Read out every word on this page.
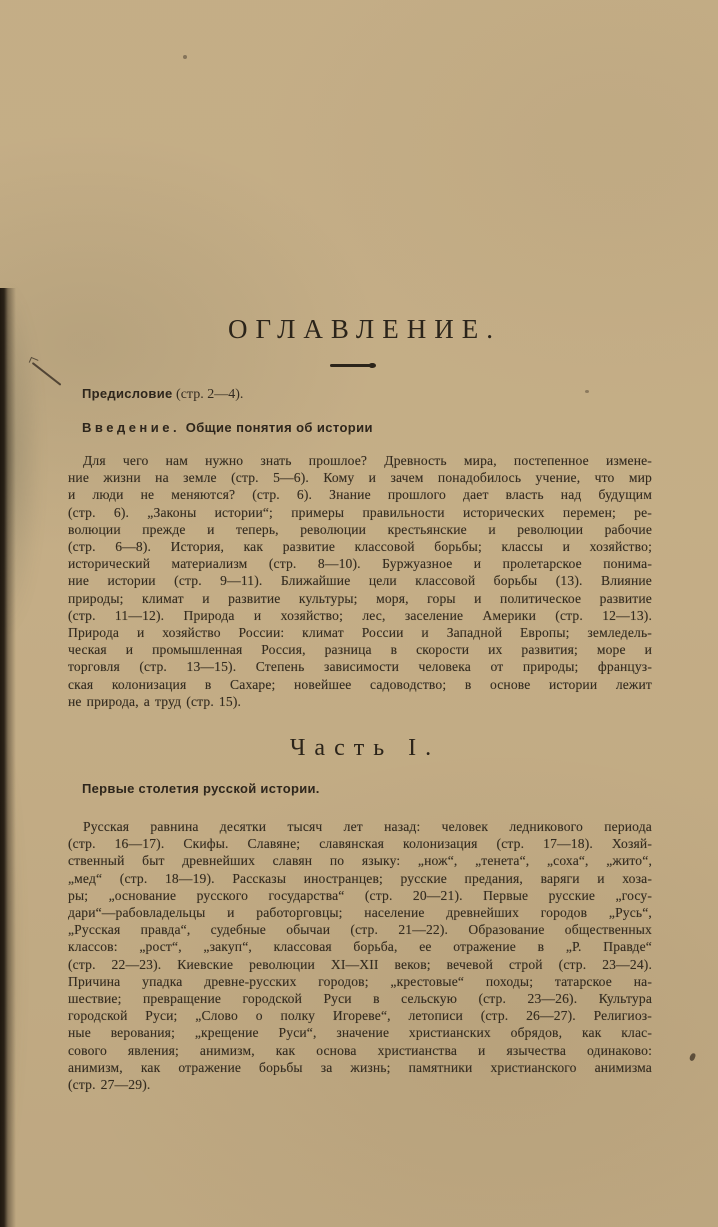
ОГЛАВЛЕНИЕ.

Предисловие (стр. 2—4).

Введение. Общие понятия об истории

Для чего нам нужно знать прошлое? Древность мира, постепенное измене-
ние жизни на земле (стр. 5—6). Кому и зачем понадобилось учение, что мир
и люди не меняются? (стр. 6). Знание прошлого дает власть над будущим
(стр. 6). „Законы истории“; примеры правильности исторических перемен; ре-
волюции прежде и теперь, революции крестьянские и революции рабочие
(стр. 6—8). История, как развитие классовой борьбы; классы и хозяйство;
исторический материализм (стр. 8—10). Буржуазное и пролетарское понима-
ние истории (стр. 9—11). Ближайшие цели классовой борьбы (13). Влияние
природы; климат и развитие культуры; моря, горы и политическое развитие
(стр. 11—12). Природа и хозяйство; лес, заселение Америки (стр. 12—13).
Природа и хозяйство России: климат России и Западной Европы; земледель-
ческая и промышленная Россия, разница в скорости их развития; море и
торговля (стр. 13—15). Степень зависимости человека от природы; француз-
ская колонизация в Сахаре; новейшее садоводство; в основе истории лежит
не природа, а труд (стр. 15).
Часть I.

Первые столетия русской истории.

Русская равнина десятки тысяч лет назад: человек ледникового периода
(стр. 16—17). Скифы. Славяне; славянская колонизация (стр. 17—18). Хозяй-
ственный быт древнейших славян по языку: „нож“, „тенета“, „соха“, „жито“,
„мед“ (стр. 18—19). Рассказы иностранцев; русские предания, варяги и хоза-
ры; „основание русского государства“ (стр. 20—21). Первые русские „госу-
дари“—рабовладельцы и работорговцы; население древнейших городов „Русь“,
„Русская правда“, судебные обычаи (стр. 21—22). Образование общественных
классов: „рост“, „закуп“, классовая борьба, ее отражение в „Р. Правде“
(стр. 22—23). Киевские революции XI—XII веков; вечевой строй (стр. 23—24).
Причина упадка древне-русских городов; „крестовые“ походы; татарское на-
шествие; превращение городской Руси в сельскую (стр. 23—26). Культура
городской Руси; „Слово о полку Игореве“, летописи (стр. 26—27). Религиоз-
ные верования; „крещение Руси“, значение христианских обрядов, как клас-
сового явления; анимизм, как основа христианства и язычества одинаково:
анимизм, как отражение борьбы за жизнь; памятники христианского анимизма
(стр. 27—29).
